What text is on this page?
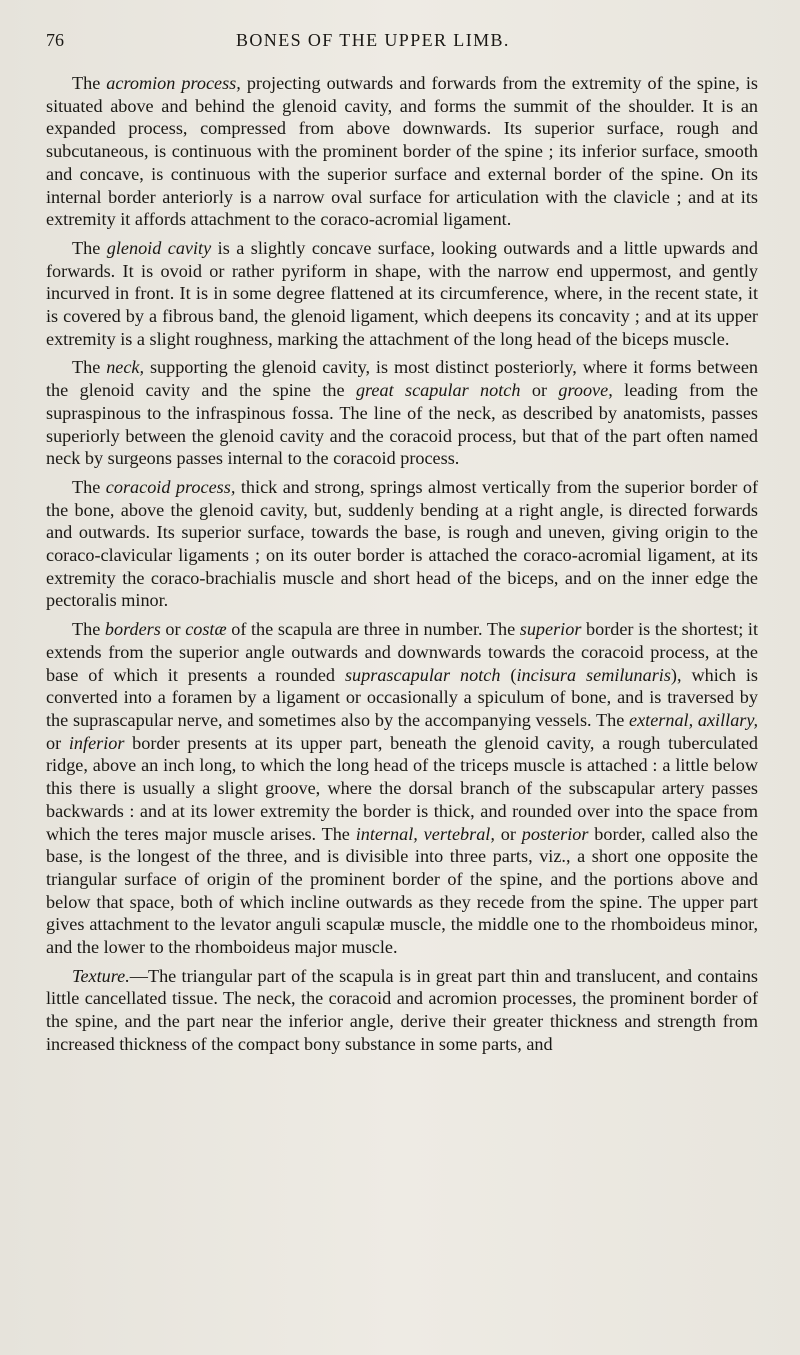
76	BONES OF THE UPPER LIMB.

The acromion process, projecting outwards and forwards from the extremity of the spine, is situated above and behind the glenoid cavity, and forms the summit of the shoulder. It is an expanded process, compressed from above downwards. Its superior surface, rough and subcutaneous, is continuous with the prominent border of the spine ; its inferior surface, smooth and concave, is continuous with the superior surface and external border of the spine. On its internal border anteriorly is a narrow oval surface for articulation with the clavicle ; and at its extremity it affords attachment to the coraco-acromial ligament.

The glenoid cavity is a slightly concave surface, looking outwards and a little upwards and forwards. It is ovoid or rather pyriform in shape, with the narrow end uppermost, and gently incurved in front. It is in some degree flattened at its circumference, where, in the recent state, it is covered by a fibrous band, the glenoid ligament, which deepens its concavity ; and at its upper extremity is a slight roughness, marking the attachment of the long head of the biceps muscle.

The neck, supporting the glenoid cavity, is most distinct posteriorly, where it forms between the glenoid cavity and the spine the great scapular notch or groove, leading from the supraspinous to the infraspinous fossa. The line of the neck, as described by anatomists, passes superiorly between the glenoid cavity and the coracoid process, but that of the part often named neck by surgeons passes internal to the coracoid process.

The coracoid process, thick and strong, springs almost vertically from the superior border of the bone, above the glenoid cavity, but, suddenly bending at a right angle, is directed forwards and outwards. Its superior surface, towards the base, is rough and uneven, giving origin to the coraco-clavicular ligaments ; on its outer border is attached the coraco-acromial ligament, at its extremity the coraco-brachialis muscle and short head of the biceps, and on the inner edge the pectoralis minor.

The borders or costæ of the scapula are three in number. The superior border is the shortest; it extends from the superior angle outwards and downwards towards the coracoid process, at the base of which it presents a rounded suprascapular notch (incisura semilunaris), which is converted into a foramen by a ligament or occasionally a spiculum of bone, and is traversed by the suprascapular nerve, and sometimes also by the accompanying vessels. The external, axillary, or inferior border presents at its upper part, beneath the glenoid cavity, a rough tuberculated ridge, above an inch long, to which the long head of the triceps muscle is attached : a little below this there is usually a slight groove, where the dorsal branch of the subscapular artery passes backwards : and at its lower extremity the border is thick, and rounded over into the space from which the teres major muscle arises. The internal, vertebral, or posterior border, called also the base, is the longest of the three, and is divisible into three parts, viz., a short one opposite the triangular surface of origin of the prominent border of the spine, and the portions above and below that space, both of which incline outwards as they recede from the spine. The upper part gives attachment to the levator anguli scapulæ muscle, the middle one to the rhomboideus minor, and the lower to the rhomboideus major muscle.

Texture.—The triangular part of the scapula is in great part thin and translucent, and contains little cancellated tissue. The neck, the coracoid and acromion processes, the prominent border of the spine, and the part near the inferior angle, derive their greater thickness and strength from increased thickness of the compact bony substance in some parts, and
